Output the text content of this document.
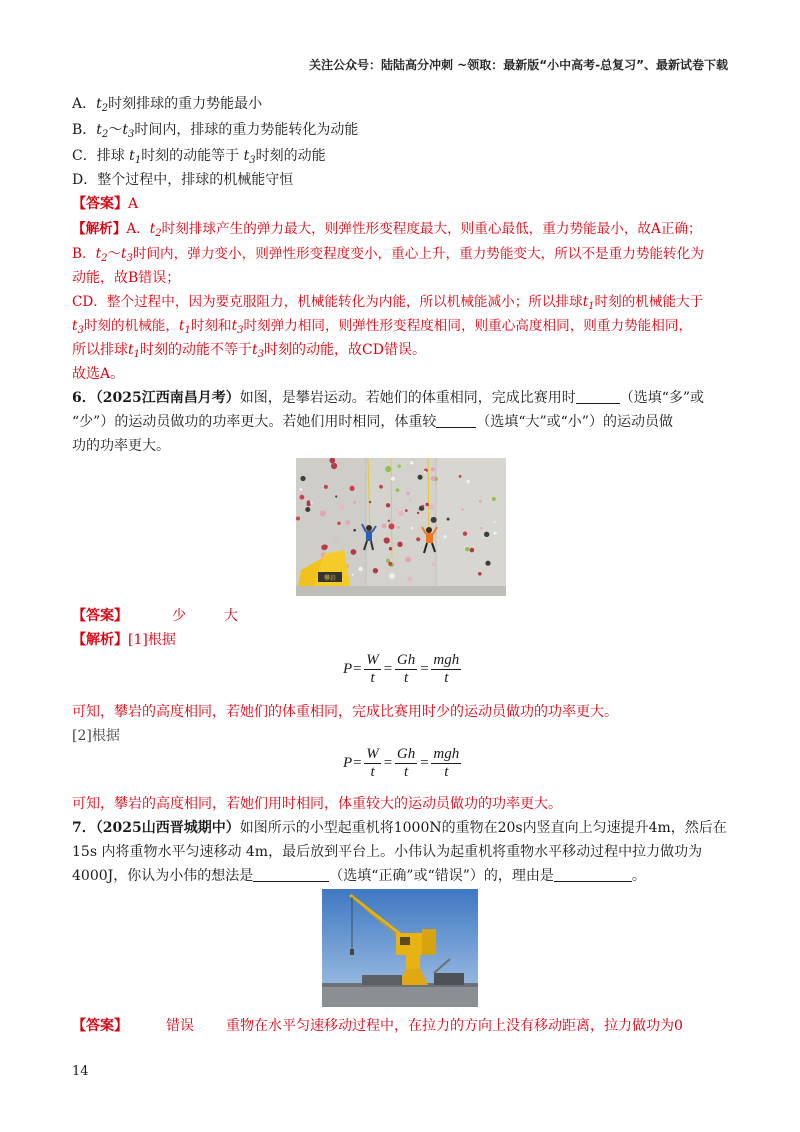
关注公众号：陆陆高分冲刺 ~领取：最新版“小中高考-总复习”、最新试卷下载
A．$t_2$时刻排球的重力势能最小
B．$t_2\sim t_3$时间内，排球的重力势能转化为动能
C．排球 $t_1$时刻的动能等于 $t_3$时刻的动能
D．整个过程中，排球的机械能守恒
【答案】A
【解析】A．$t_2$时刻排球产生的弹力最大，则弹性形变程度最大，则重心最低，重力势能最小，故A正确；
B．$t_2\sim t_3$时间内，弹力变小，则弹性形变程度变小，重心上升，重力势能变大，所以不是重力势能转化为
动能，故B错误；
CD．整个过程中，因为要克服阻力，机械能转化为内能，所以机械能减小；所以排球$t_1$时刻的机械能大于
$t_3$时刻的机械能，$t_1$时刻和$t_3$时刻弹力相同，则弹性形变程度相同，则重心高度相同，则重力势能相同，
所以排球$t_1$时刻的动能不等于$t_3$时刻的动能，故CD错误。
故选A。
6．（2025江西南昌月考）如图，是攀岩运动。若她们的体重相同，完成比赛用时	（选填“多”或
“少”）的运动员做功的功率更大。若她们用时相同，体重较	（选填“大”或“小”）的运动员做
功的功率更大。
攀岩
【答案】	少	大
【解析】[1]根据
$P= \frac{W}{t} = \frac{Gh}{t} = \frac{\text{mgh}}{t}$
可知，攀岩的高度相同，若她们的体重相同，完成比赛用时少的运动员做功的功率更大。
[2]根据
$P= \frac{W}{t} = \frac{Gh}{t} = \frac{\text{mgh}}{t}$
可知，攀岩的高度相同，若她们用时相同，体重较大的运动员做功的功率更大。
7．（2025山西晋城期中）如图所示的小型起重机将1000N的重物在20s内竖直向上匀速提升4m，然后在
15s 内将重物水平匀速移动 4m，最后放到平台上。小伟认为起重机将重物水平移动过程中拉力做功为
4000J，你认为小伟的想法是	（选填“正确”或“错误”）的，理由是	。
【答案】	错误 重物在水平匀速移动过程中，在拉力的方向上没有移动距离，拉力做功为0
14
